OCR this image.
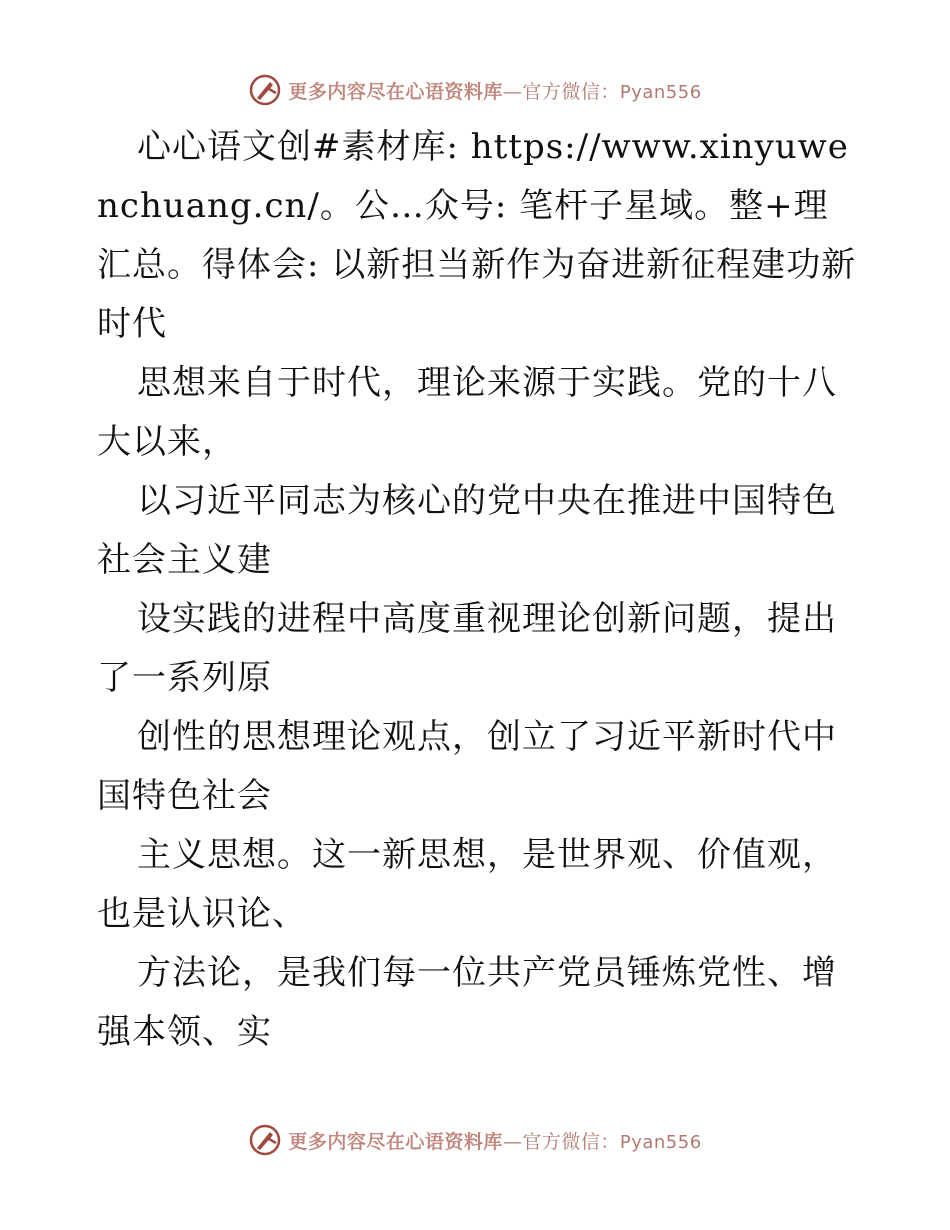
更多内容尽在心语资料库—官方微信：Pyan556

心心语文创#素材库: https://www.xinyuwenchuang.cn/。公…众号: 笔杆子星域。整+理汇总。得体会: 以新担当新作为奋进新征程建功新时代

思想来自于时代，理论来源于实践。党的十八大以来，

以习近平同志为核心的党中央在推进中国特色社会主义建

设实践的进程中高度重视理论创新问题，提出了一系列原

创性的思想理论观点，创立了习近平新时代中国特色社会

主义思想。这一新思想，是世界观、价值观，也是认识论、

方法论，是我们每一位共产党员锤炼党性、增强本领、实

更多内容尽在心语资料库—官方微信：Pyan556
